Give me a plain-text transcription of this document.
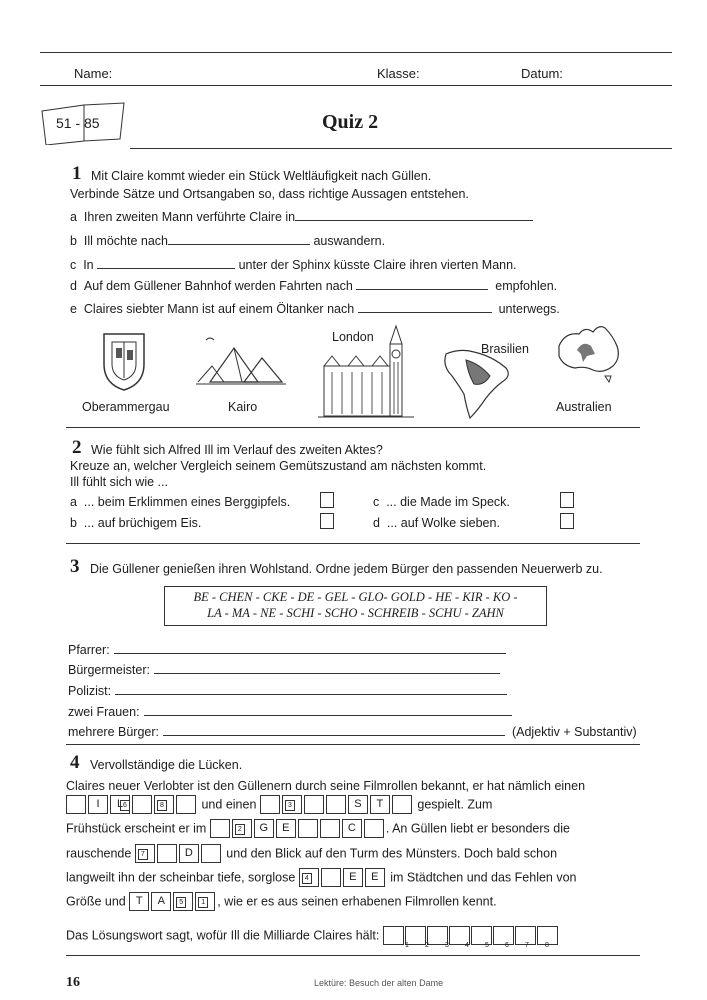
Name:	Klasse:	Datum:
51 - 85	Quiz 2
1 Mit Claire kommt wieder ein Stück Weltläufigkeit nach Güllen.
Verbinde Sätze und Ortsangaben so, dass richtige Aussagen entstehen.
a Ihren zweiten Mann verführte Claire in
b Ill möchte nach	auswandern.
c In	unter der Sphinx küsste Claire ihren vierten Mann.
d Auf dem Güllener Bahnhof werden Fahrten nach	empfohlen.
e Claires siebter Mann ist auf einem Öltanker nach	unterwegs.
London
Brasilien
Oberammergau	Kairo	Australien
2 Wie fühlt sich Alfred Ill im Verlauf des zweiten Aktes?
Kreuze an, welcher Vergleich seinem Gemütszustand am nächsten kommt.
Ill fühlt sich wie ...
a ... beim Erklimmen eines Berggipfels.	c ... die Made im Speck.
b ... auf brüchigem Eis.	d ... auf Wolke sieben.
3 Die Güllener genießen ihren Wohlstand. Ordne jedem Bürger den passenden Neuerwerb zu.
BE - CHEN - CKE - DE - GEL - GLO- GOLD - HE - KIR - KO -
LA - MA - NE - SCHI - SCHO - SCHREIB - SCHU - ZAHN
Pfarrer:
Bürgermeister:
Polizist:
zwei Frauen:
mehrere Bürger:	(Adjektiv + Substantiv)
4 Vervollständige die Lücken.
Claires neuer Verlobter ist den Güllenern durch seine Filmrollen bekannt, er hat nämlich einen
I L 6	8	und einen	3	S T	gespielt. Zum
Frühstück erscheint er im	2 G E	C . An Güllen liebt er besonders die
rauschende	7	D	und den Blick auf den Turm des Münsters. Doch bald schon
langweilt ihn der scheinbar tiefe, sorglose	4	E E im Städtchen und das Fehlen von
Größe und T A	5	1 , wie er es aus seinen erhabenen Filmrollen kennt.
Das Lösungswort sagt, wofür Ill die Milliarde Claires hält:
1 2 3 4 5 6 7 8
16	Lektüre: Besuch der alten Dame
